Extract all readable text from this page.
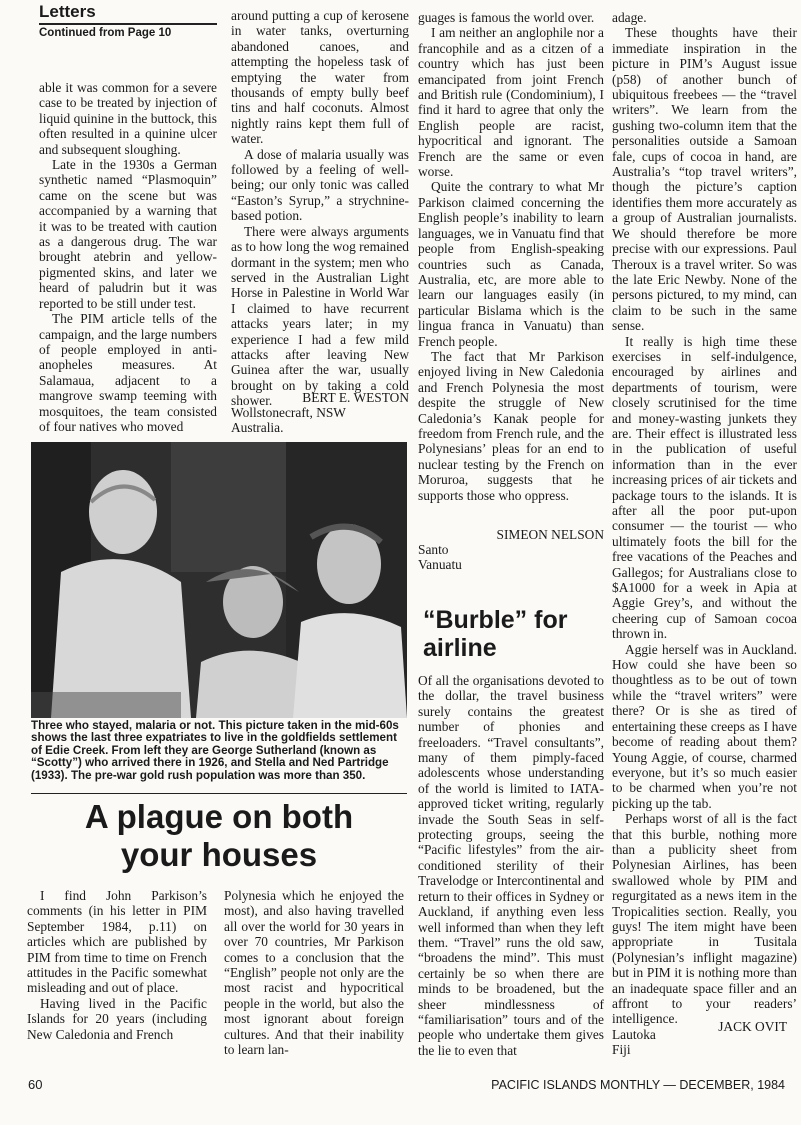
Letters
Continued from Page 10

able it was common for a severe case to be treated by injection of liquid quinine in the buttock, this often resulted in a quinine ulcer and subsequent sloughing.

Late in the 1930s a German synthetic named “Plasmoquin” came on the scene but was accompanied by a warning that it was to be treated with caution as a dangerous drug. The war brought atebrin and yellow-pigmented skins, and later we heard of paludrin but it was reported to be still under test.

The PIM article tells of the campaign, and the large numbers of people employed in anti-anopheles measures. At Salamaua, adjacent to a mangrove swamp teeming with mosquitoes, the team consisted of four natives who moved

around putting a cup of kerosene in water tanks, overturning abandoned canoes, and attempting the hopeless task of emptying the water from thousands of empty bully beef tins and half coconuts. Almost nightly rains kept them full of water.

A dose of malaria usually was followed by a feeling of well-being; our only tonic was called “Easton’s Syrup,” a strychnine-based potion.

There were always arguments as to how long the wog remained dormant in the system; men who served in the Australian Light Horse in Palestine in World War I claimed to have recurrent attacks years later; in my experience I had a few mild attacks after leaving New Guinea after the war, usually brought on by taking a cold shower.	BERT E. WESTON
Wollstonecraft, NSW
Australia.
Three who stayed, malaria or not. This picture taken in the mid-60s shows the last three expatriates to live in the goldfields settlement of Edie Creek. From left they are George Sutherland (known as “Scotty”) who arrived there in 1926, and Stella and Ned Partridge (1933). The pre-war gold rush population was more than 350.
A plague on both
your houses

I find John Parkison’s comments (in his letter in PIM September 1984, p.11) on articles which are published by PIM from time to time on French attitudes in the Pacific somewhat misleading and out of place.

Having lived in the Pacific Islands for 20 years (including New Caledonia and French

Polynesia which he enjoyed the most), and also having travelled all over the world for 30 years in over 70 countries, Mr Parkison comes to a conclusion that the “English” people not only are the most racist and hypocritical people in the world, but also the most ignorant about foreign cultures. And that their inability to learn lan-

guages is famous the world over.

I am neither an anglophile nor a francophile and as a citzen of a country which has just been emancipated from joint French and British rule (Condominium), I find it hard to agree that only the English people are racist, hypocritical and ignorant. The French are the same or even worse.

Quite the contrary to what Mr Parkison claimed concerning the English people’s inability to learn languages, we in Vanuatu find that people from English-speaking countries such as Canada, Australia, etc, are more able to learn our languages easily (in particular Bislama which is the lingua franca in Vanuatu) than French people.

The fact that Mr Parkison enjoyed living in New Caledonia and French Polynesia the most despite the struggle of New Caledonia’s Kanak people for freedom from French rule, and the Polynesians’ pleas for an end to nuclear testing by the French on Moruroa, suggests that he supports those who oppress.

SIMEON NELSON
Santo
Vanuatu
“Burble” for
airline

Of all the organisations devoted to the dollar, the travel business surely contains the greatest number of phonies and freeloaders. “Travel consultants”, many of them pimply-faced adolescents whose understanding of the world is limited to IATA-approved ticket writing, regularly invade the South Seas in self-protecting groups, seeing the “Pacific lifestyles” from the air-conditioned sterility of their Travelodge or Intercontinental and return to their offices in Sydney or Auckland, if anything even less well informed than when they left them. “Travel” runs the old saw, “broadens the mind”. This must certainly be so when there are minds to be broadened, but the sheer mindlessness of “familiarisation” tours and of the people who undertake them gives the lie to even that

adage.

These thoughts have their immediate inspiration in the picture in PIM’s August issue (p58) of another bunch of ubiquitous freebees — the “travel writers”. We learn from the gushing two-column item that the personalities outside a Samoan fale, cups of cocoa in hand, are Australia’s “top travel writers”, though the picture’s caption identifies them more accurately as a group of Australian journalists. We should therefore be more precise with our expressions. Paul Theroux is a travel writer. So was the late Eric Newby. None of the persons pictured, to my mind, can claim to be such in the same sense.

It really is high time these exercises in self-indulgence, encouraged by airlines and departments of tourism, were closely scrutinised for the time and money-wasting junkets they are. Their effect is illustrated less in the publication of useful information than in the ever increasing prices of air tickets and package tours to the islands. It is after all the poor put-upon consumer — the tourist — who ultimately foots the bill for the free vacations of the Peaches and Gallegos; for Australians close to $A1000 for a week in Apia at Aggie Grey’s, and without the cheering cup of Samoan cocoa thrown in.

Aggie herself was in Auckland. How could she have been so thoughtless as to be out of town while the “travel writers” were there? Or is she as tired of entertaining these creeps as I have become of reading about them? Young Aggie, of course, charmed everyone, but it’s so much easier to be charmed when you’re not picking up the tab.

Perhaps worst of all is the fact that this burble, nothing more than a publicity sheet from Polynesian Airlines, has been swallowed whole by PIM and regurgitated as a news item in the Tropicalities section. Really, you guys! The item might have been appropriate in Tusitala (Polynesian’s inflight magazine) but in PIM it is nothing more than an inadequate space filler and an affront to your readers’ intelligence.

JACK OVIT
Lautoka
Fiji
60	PACIFIC ISLANDS MONTHLY — DECEMBER, 1984
